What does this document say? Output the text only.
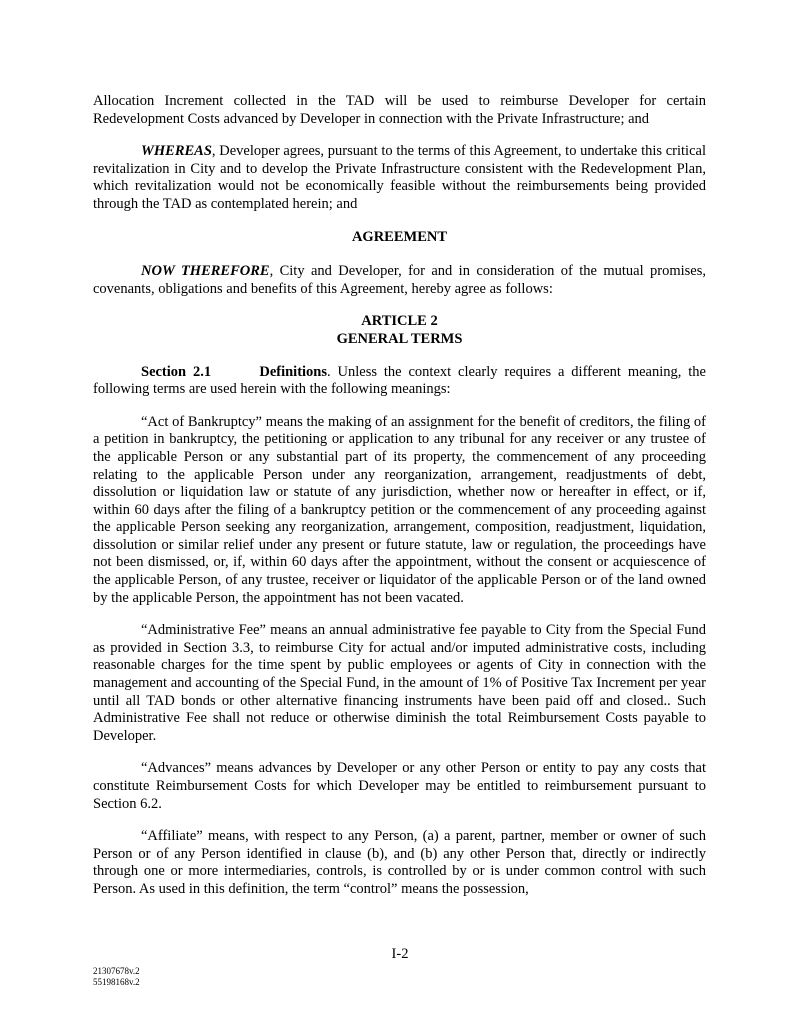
Allocation Increment collected in the TAD will be used to reimburse Developer for certain Redevelopment Costs advanced by Developer in connection with the Private Infrastructure; and

WHEREAS, Developer agrees, pursuant to the terms of this Agreement, to undertake this critical revitalization in City and to develop the Private Infrastructure consistent with the Redevelopment Plan, which revitalization would not be economically feasible without the reimbursements being provided through the TAD as contemplated herein; and

AGREEMENT

NOW THEREFORE, City and Developer, for and in consideration of the mutual promises, covenants, obligations and benefits of this Agreement, hereby agree as follows:

ARTICLE 2
GENERAL TERMS

Section 2.1	Definitions. Unless the context clearly requires a different meaning, the following terms are used herein with the following meanings:

“Act of Bankruptcy” means the making of an assignment for the benefit of creditors, the filing of a petition in bankruptcy, the petitioning or application to any tribunal for any receiver or any trustee of the applicable Person or any substantial part of its property, the commencement of any proceeding relating to the applicable Person under any reorganization, arrangement, readjustments of debt, dissolution or liquidation law or statute of any jurisdiction, whether now or hereafter in effect, or if, within 60 days after the filing of a bankruptcy petition or the commencement of any proceeding against the applicable Person seeking any reorganization, arrangement, composition, readjustment, liquidation, dissolution or similar relief under any present or future statute, law or regulation, the proceedings have not been dismissed, or, if, within 60 days after the appointment, without the consent or acquiescence of the applicable Person, of any trustee, receiver or liquidator of the applicable Person or of the land owned by the applicable Person, the appointment has not been vacated.

“Administrative Fee” means an annual administrative fee payable to City from the Special Fund as provided in Section 3.3, to reimburse City for actual and/or imputed administrative costs, including reasonable charges for the time spent by public employees or agents of City in connection with the management and accounting of the Special Fund, in the amount of 1% of Positive Tax Increment per year until all TAD bonds or other alternative financing instruments have been paid off and closed.. Such Administrative Fee shall not reduce or otherwise diminish the total Reimbursement Costs payable to Developer.

“Advances” means advances by Developer or any other Person or entity to pay any costs that constitute Reimbursement Costs for which Developer may be entitled to reimbursement pursuant to Section 6.2.

“Affiliate” means, with respect to any Person, (a) a parent, partner, member or owner of such Person or of any Person identified in clause (b), and (b) any other Person that, directly or indirectly through one or more intermediaries, controls, is controlled by or is under common control with such Person. As used in this definition, the term “control” means the possession,

I-2
21307678v.2
55198168v.2
